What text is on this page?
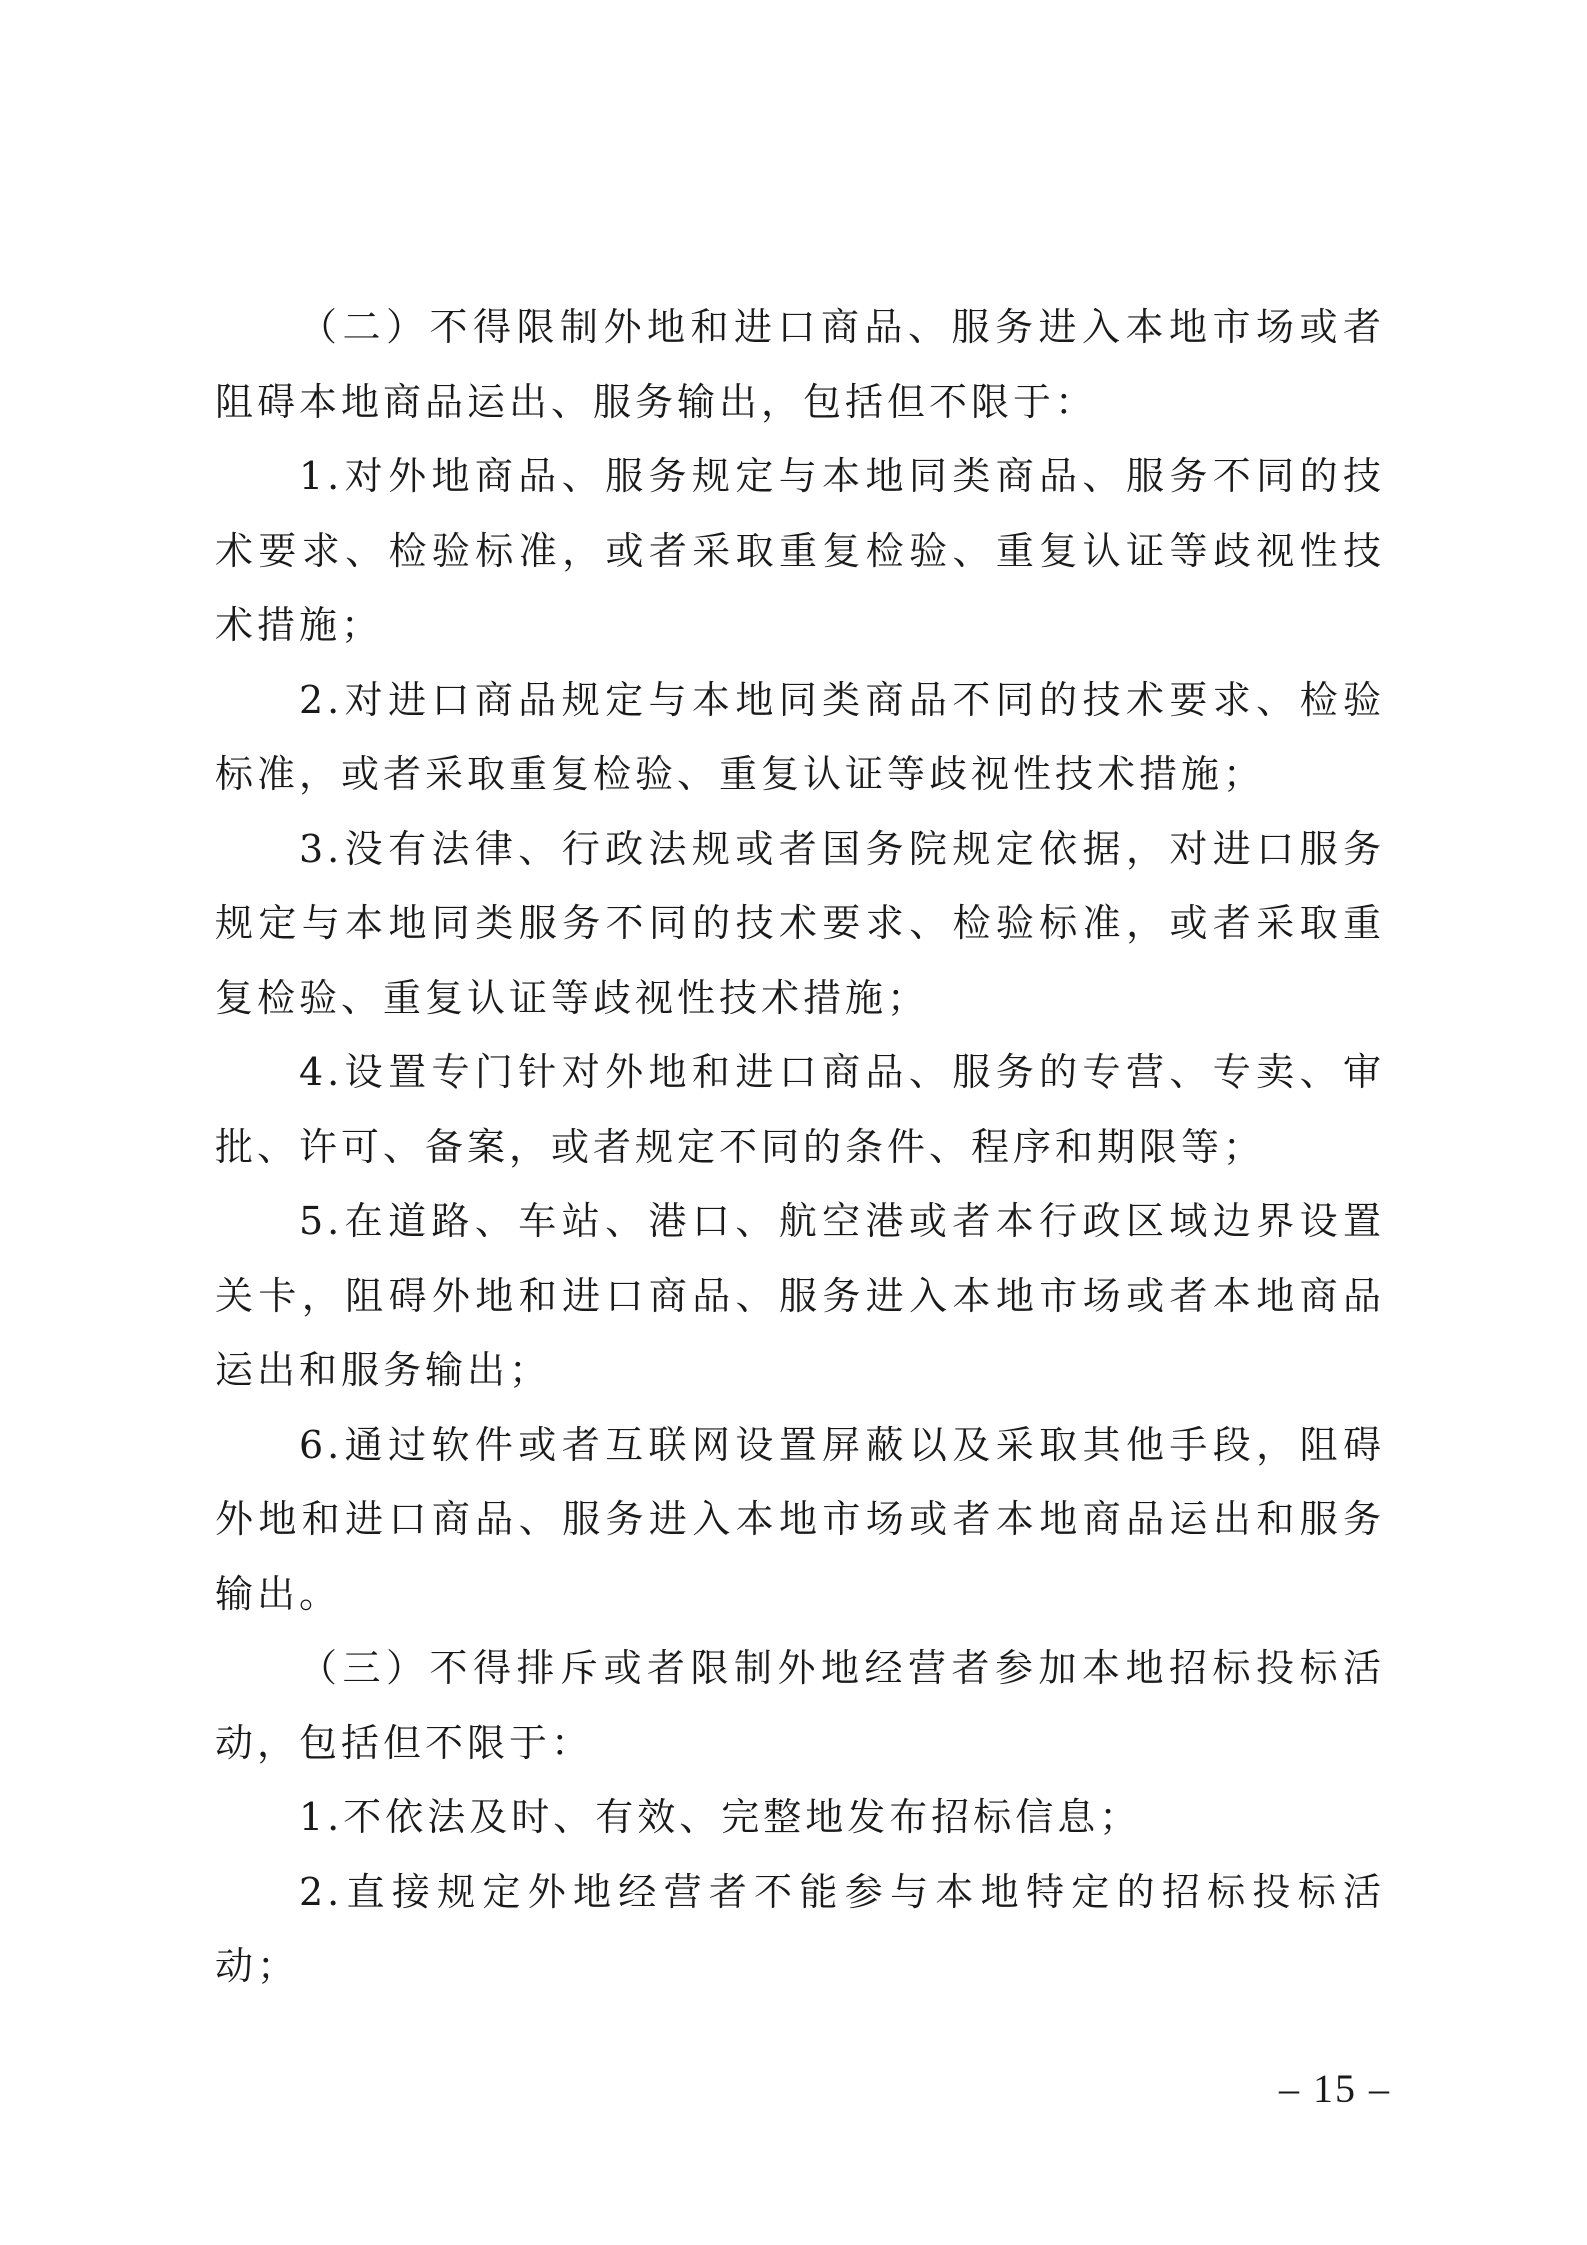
（二）不得限制外地和进口商品、服务进入本地市场或者阻碍本地商品运出、服务输出，包括但不限于：

1.对外地商品、服务规定与本地同类商品、服务不同的技术要求、检验标准，或者采取重复检验、重复认证等歧视性技术措施；

2.对进口商品规定与本地同类商品不同的技术要求、检验标准，或者采取重复检验、重复认证等歧视性技术措施；

3.没有法律、行政法规或者国务院规定依据，对进口服务规定与本地同类服务不同的技术要求、检验标准，或者采取重复检验、重复认证等歧视性技术措施；

4.设置专门针对外地和进口商品、服务的专营、专卖、审批、许可、备案，或者规定不同的条件、程序和期限等；

5.在道路、车站、港口、航空港或者本行政区域边界设置关卡，阻碍外地和进口商品、服务进入本地市场或者本地商品运出和服务输出；

6.通过软件或者互联网设置屏蔽以及采取其他手段，阻碍外地和进口商品、服务进入本地市场或者本地商品运出和服务输出。

（三）不得排斥或者限制外地经营者参加本地招标投标活动，包括但不限于：

1.不依法及时、有效、完整地发布招标信息；

2.直接规定外地经营者不能参与本地特定的招标投标活动；

– 15 –
